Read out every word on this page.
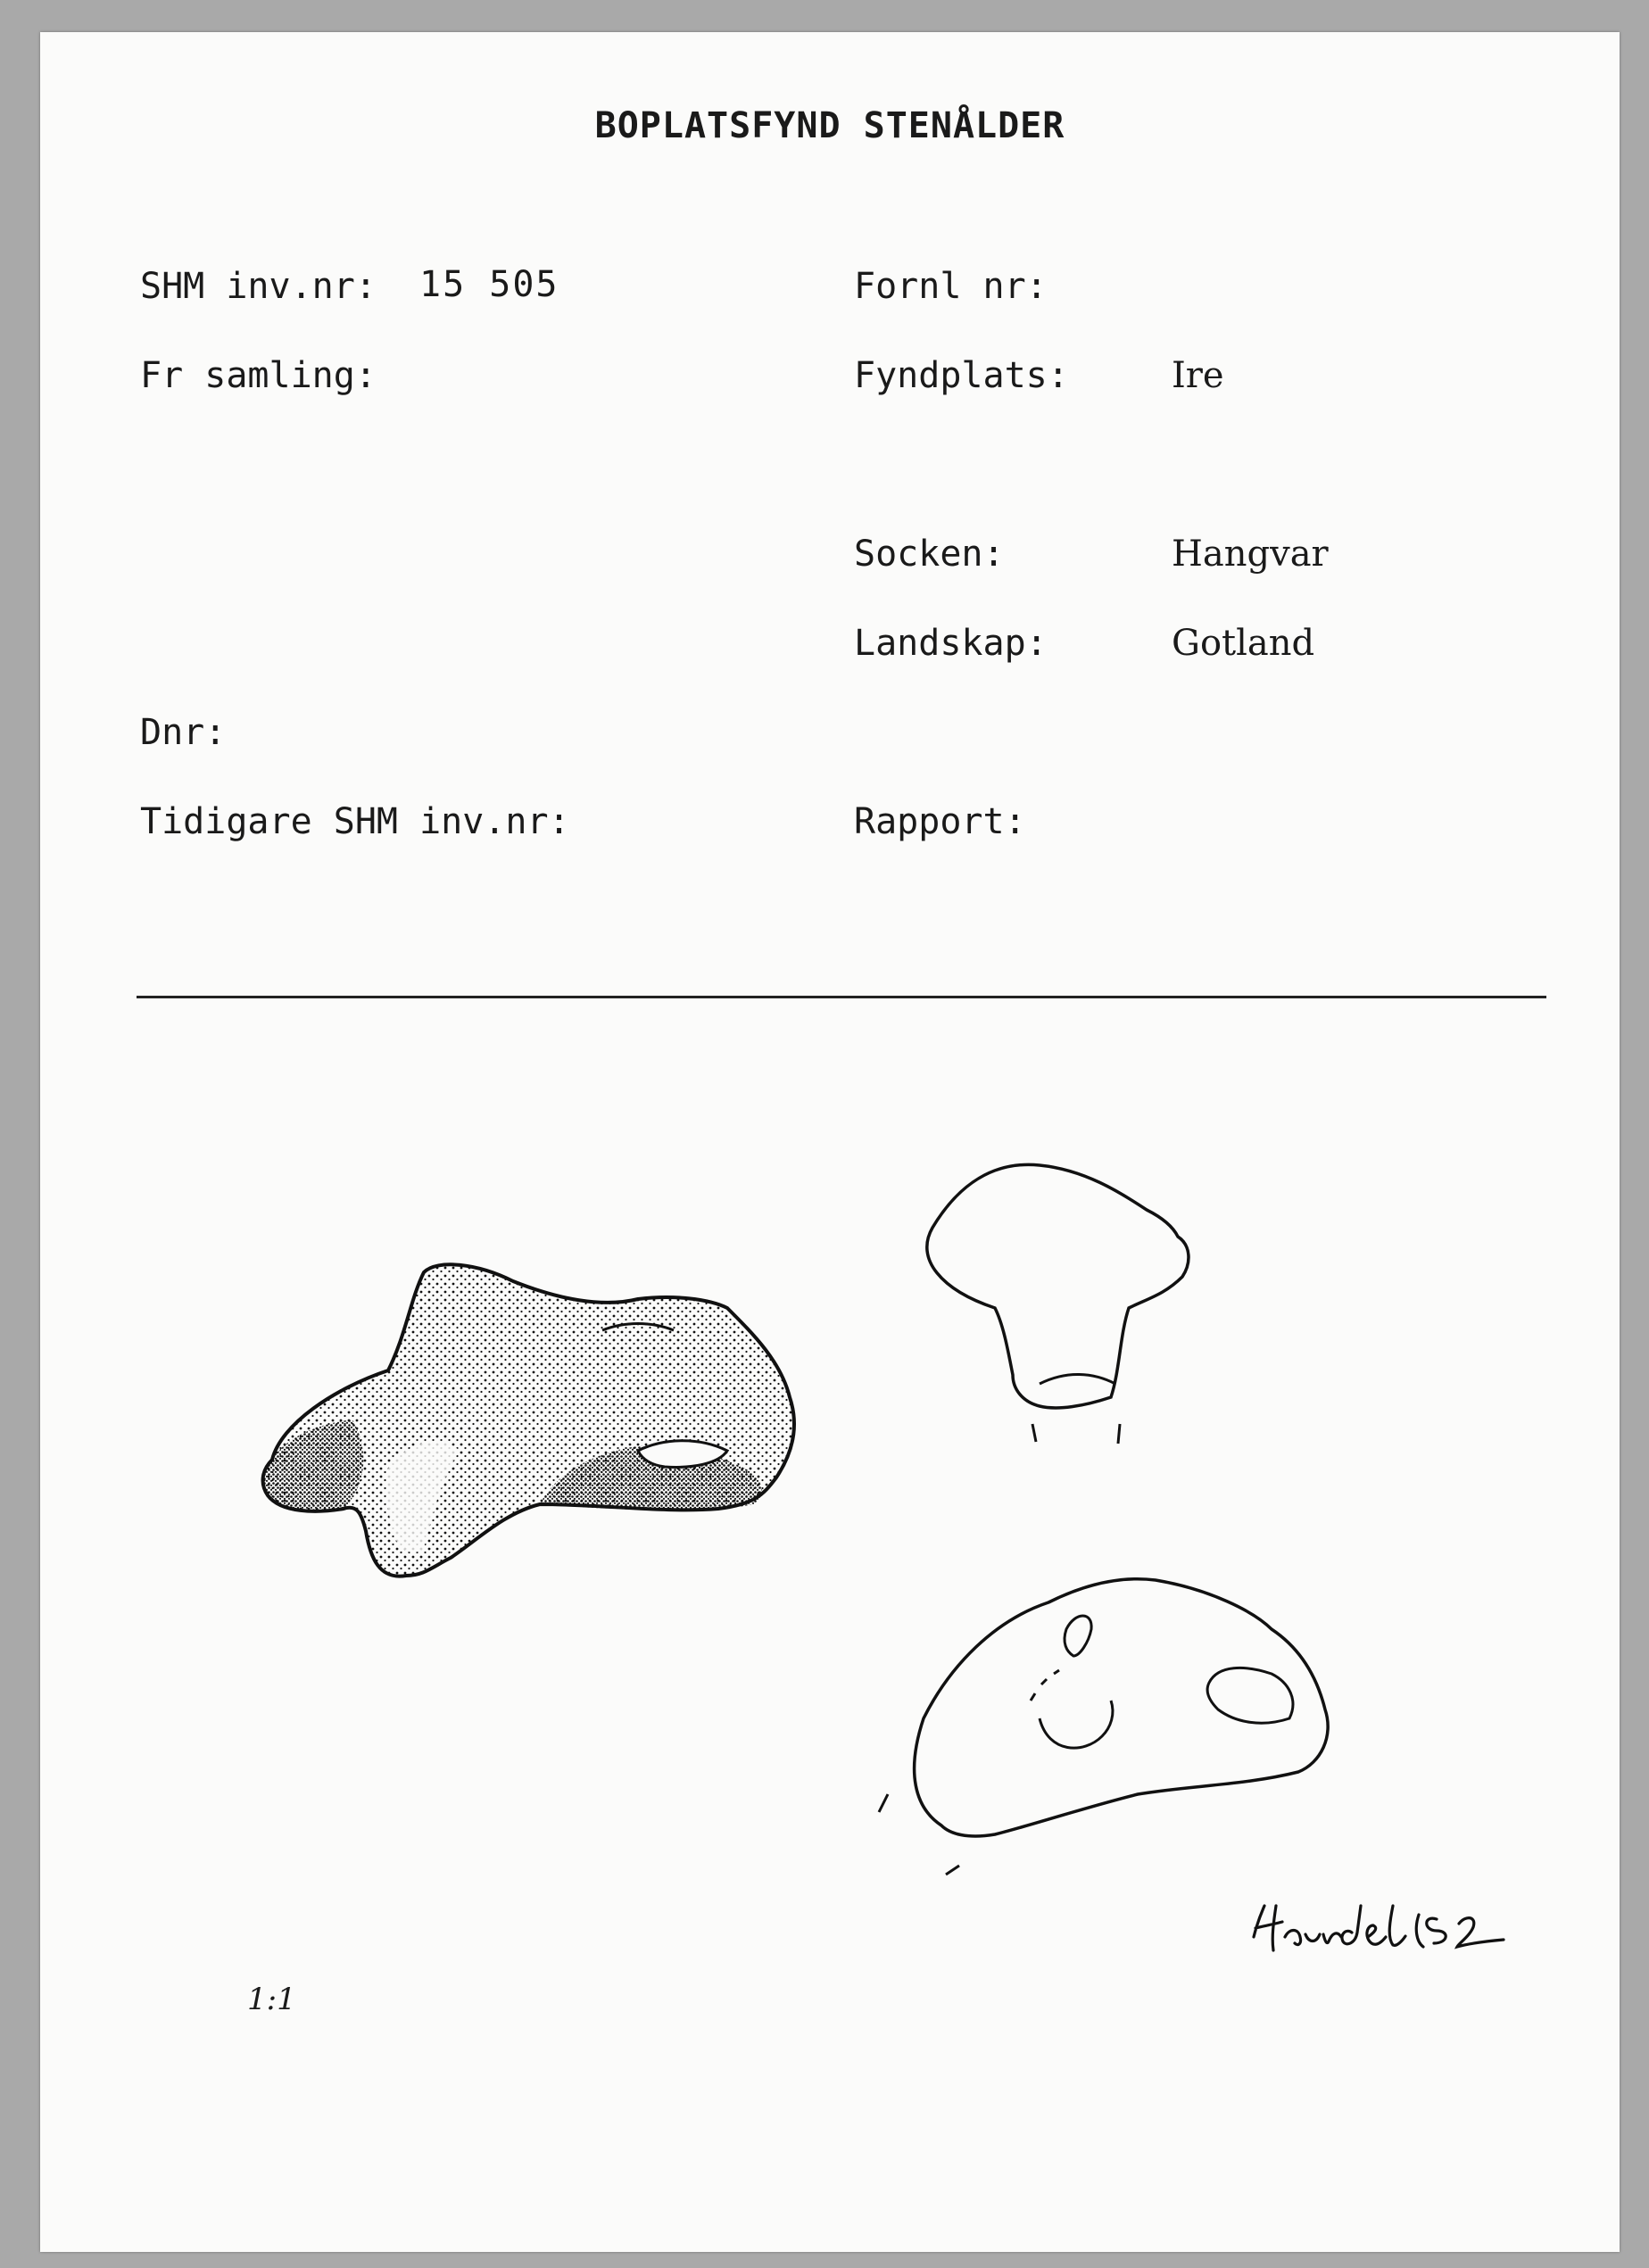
BOPLATSFYND STENÅLDER
SHM inv.nr: 15 505	Fornl nr:
Fr samling:	Fyndplats:	Ire
Socken:	Hangvar
Landskap:	Gotland
Dnr:
Tidigare SHM inv.nr:	Rapport:
1:1
